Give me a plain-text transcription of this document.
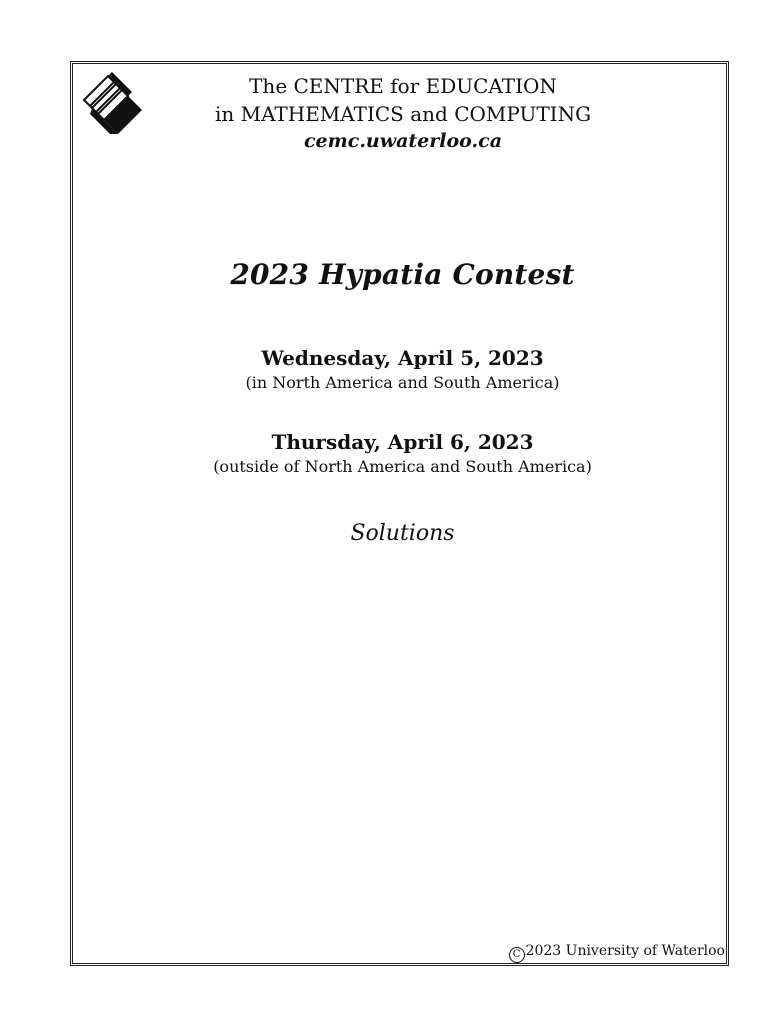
The CENTRE for EDUCATION
in MATHEMATICS and COMPUTING
cemc.uwaterloo.ca
2023 Hypatia Contest
Wednesday, April 5, 2023
(in North America and South America)
Thursday, April 6, 2023
(outside of North America and South America)
Solutions
C 2023 University of Waterloo
